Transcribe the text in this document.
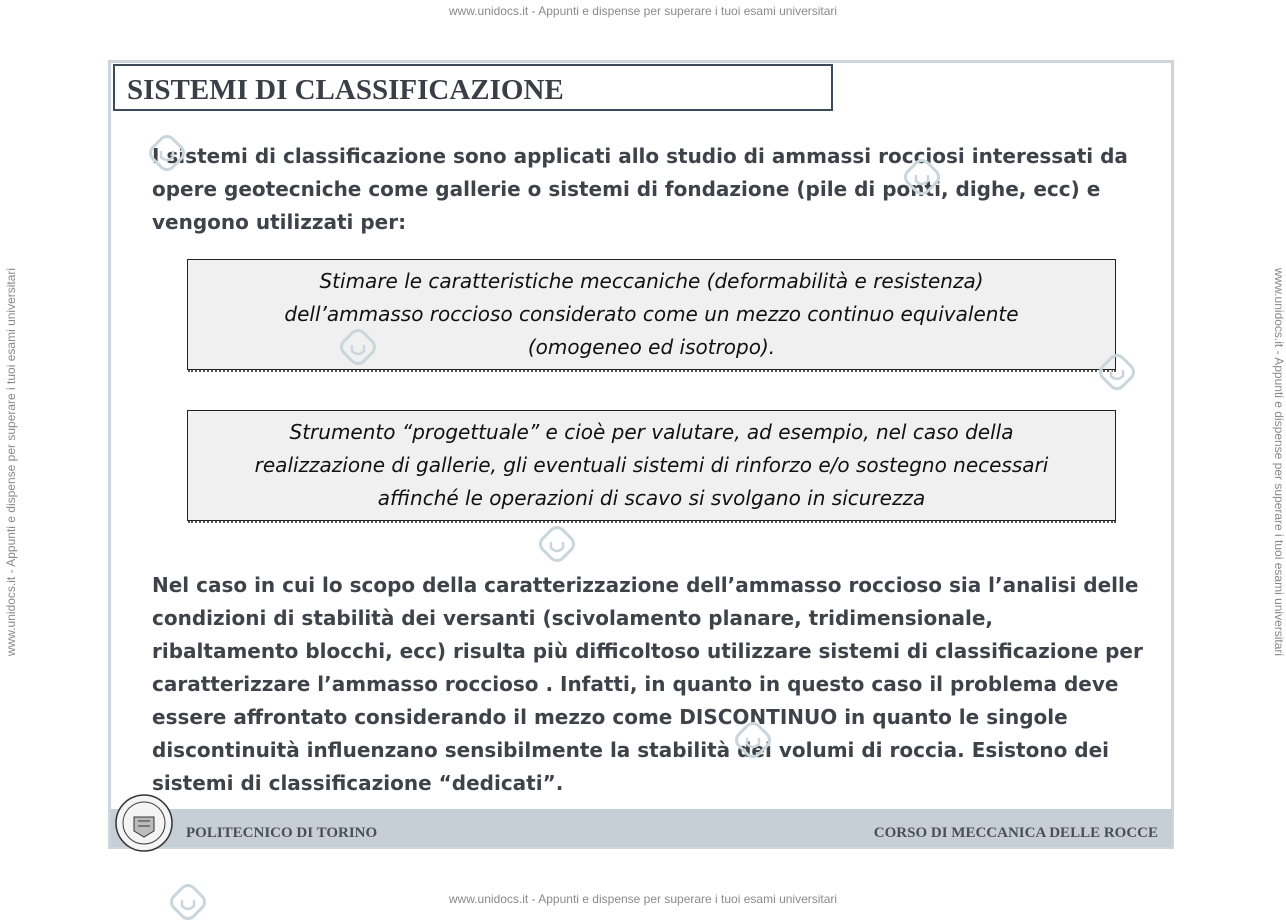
www.unidocs.it - Appunti e dispense per superare i tuoi esami universitari
SISTEMI DI CLASSIFICAZIONE
I sistemi di classificazione sono applicati allo studio di ammassi rocciosi interessati da
opere geotecniche come gallerie o sistemi di fondazione (pile di ponti, dighe, ecc) e
vengono utilizzati per:
Stimare le caratteristiche meccaniche (deformabilità e resistenza)
dell’ammasso roccioso considerato come un mezzo continuo equivalente
(omogeneo ed isotropo).
Strumento “progettuale” e cioè per valutare, ad esempio, nel caso della
realizzazione di gallerie, gli eventuali sistemi di rinforzo e/o sostegno necessari
affinché le operazioni di scavo si svolgano in sicurezza
Nel caso in cui lo scopo della caratterizzazione dell’ammasso roccioso sia l’analisi delle
condizioni di stabilità dei versanti (scivolamento planare, tridimensionale,
ribaltamento blocchi, ecc) risulta più difficoltoso utilizzare sistemi di classificazione per
caratterizzare l’ammasso roccioso . Infatti, in quanto in questo caso il problema deve
essere affrontato considerando il mezzo come DISCONTINUO in quanto le singole
discontinuità influenzano sensibilmente la stabilità dei volumi di roccia. Esistono dei
sistemi di classificazione “dedicati”.
POLITECNICO DI TORINO	CORSO DI MECCANICA DELLE ROCCE
www.unidocs.it - Appunti e dispense per superare i tuoi esami universitari	www.unidocs.it - Appunti e dispense per superare i tuoi esami universitari
www.unidocs.it - Appunti e dispense per superare i tuoi esami universitari
